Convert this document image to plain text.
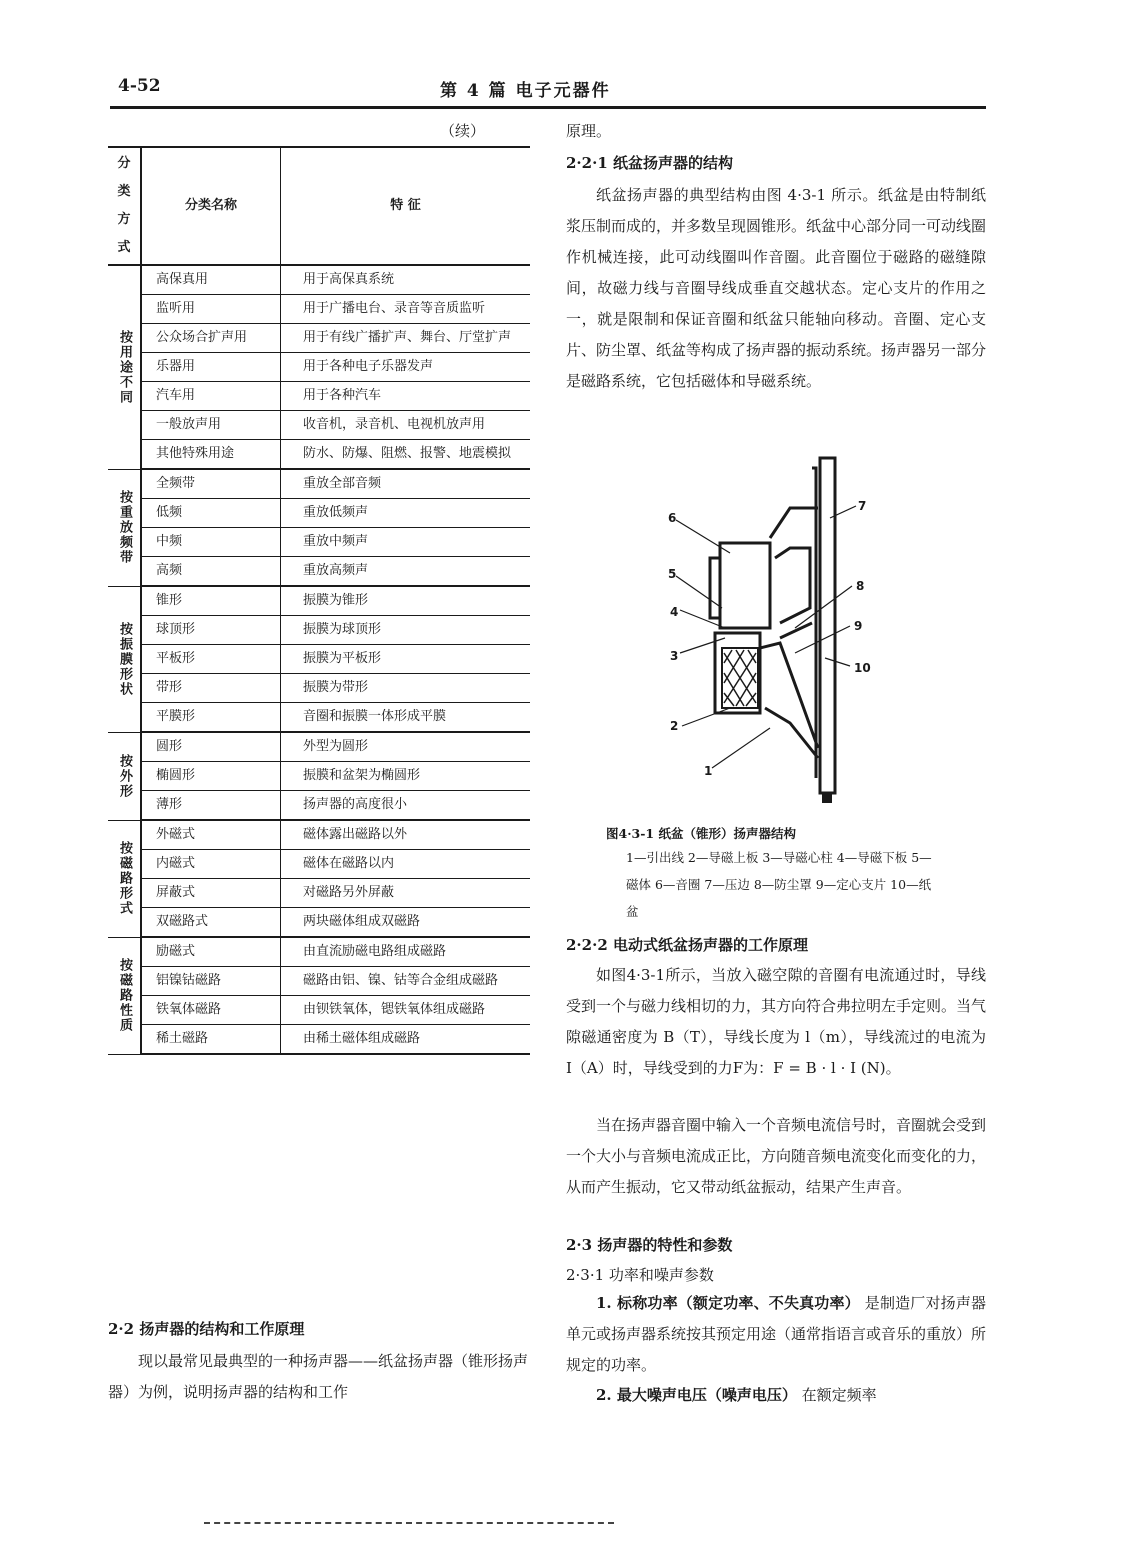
4-52	第 4 篇 电子元器件
（续）
分类方式	分类名称	特 征
按用途不同	高保真用	用于高保真系统
	监听用	用于广播电台、录音等音质监听
	公众场合扩声用	用于有线广播扩声、舞台、厅堂扩声
	乐器用	用于各种电子乐器发声
	汽车用	用于各种汽车
	一般放声用	收音机，录音机、电视机放声用
	其他特殊用途	防水、防爆、阻燃、报警、地震模拟
按重放频带	全频带	重放全部音频
	低频	重放低频声
	中频	重放中频声
	高频	重放高频声
按振膜形状	锥形	振膜为锥形
	球顶形	振膜为球顶形
	平板形	振膜为平板形
	带形	振膜为带形
	平膜形	音圈和振膜一体形成平膜
按外形	圆形	外型为圆形
	椭圆形	振膜和盆架为椭圆形
	薄形	扬声器的高度很小
按磁路形式	外磁式	磁体露出磁路以外
	内磁式	磁体在磁路以内
	屏蔽式	对磁路另外屏蔽
	双磁路式	两块磁体组成双磁路
按磁路性质	励磁式	由直流励磁电路组成磁路
	铝镍钴磁路	磁路由铝、镍、钴等合金组成磁路
	铁氧体磁路	由钡铁氧体，锶铁氧体组成磁路
	稀土磁路	由稀土磁体组成磁路
2·2 扬声器的结构和工作原理
现以最常见最典型的一种扬声器——纸盆扬声器（锥形扬声器）为例，说明扬声器的结构和工作
原理。
2·2·1 纸盆扬声器的结构
纸盆扬声器的典型结构由图 4·3-1 所示。纸盆是由特制纸浆压制而成的，并多数呈现圆锥形。纸盆中心部分同一可动线圈作机械连接，此可动线圈叫作音圈。此音圈位于磁路的磁缝隙间，故磁力线与音圈导线成垂直交越状态。定心支片的作用之一，就是限制和保证音圈和纸盆只能轴向移动。音圈、定心支片、防尘罩、纸盆等构成了扬声器的振动系统。扬声器另一部分是磁路系统，它包括磁体和导磁系统。
1
2
3
4
5
6
7
8
9
10
图4·3-1 纸盆（锥形）扬声器结构
1—引出线 2—导磁上板 3—导磁心柱 4—导磁下板 5—磁体 6—音圈 7—压边 8—防尘罩 9—定心支片 10—纸盆
2·2·2 电动式纸盆扬声器的工作原理
如图4·3-1所示，当放入磁空隙的音圈有电流通过时，导线受到一个与磁力线相切的力，其方向符合弗拉明左手定则。当气隙磁通密度为 B（T），导线长度为 l（m），导线流过的电流为 I（A）时，导线受到的力F为：F = B · l · I (N)。
当在扬声器音圈中输入一个音频电流信号时，音圈就会受到一个大小与音频电流成正比，方向随音频电流变化而变化的力，从而产生振动，它又带动纸盆振动，结果产生声音。
2·3 扬声器的特性和参数
2·3·1 功率和噪声参数
1. 标称功率（额定功率、不失真功率） 是制造厂对扬声器单元或扬声器系统按其预定用途（通常指语言或音乐的重放）所规定的功率。
2. 最大噪声电压（噪声电压） 在额定频率
